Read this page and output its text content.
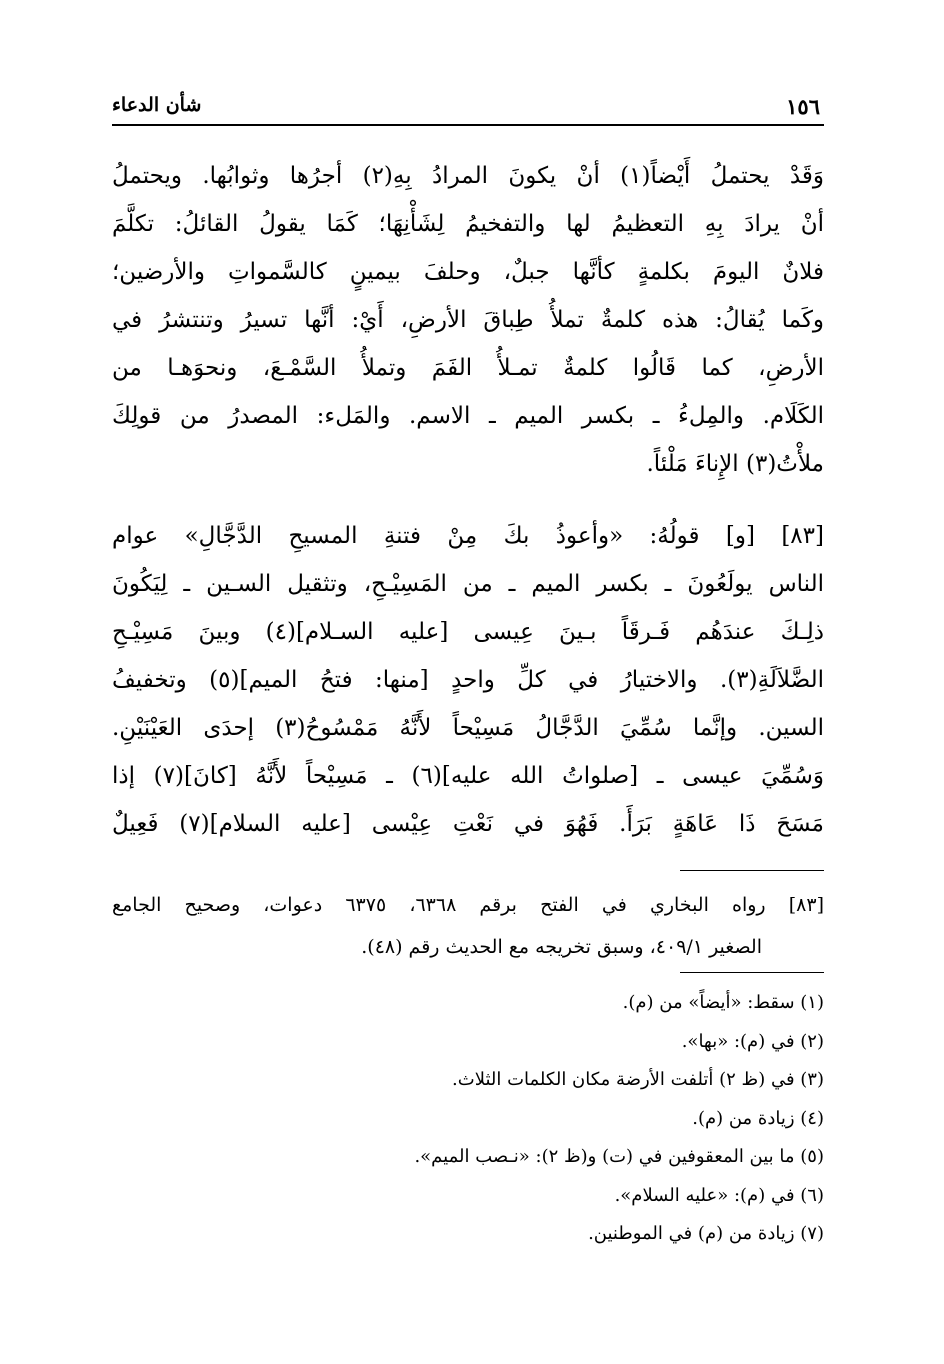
١٥٦
شأن الدعاء
وَقَدْ يحتملُ أَيْضاً(١) أنْ يكونَ المرادُ بِهِ(٢) أجرُها وثوابُها. ويحتملُ
أنْ يرادَ بِهِ التعظيمُ لها والتفخيمُ لِشَأْنِهَا؛ كَمَا يقولُ القائلُ: تكلَّمَ
فلانٌ اليومَ بكلمةٍ كأنَّها جبلٌ، وحلفَ بيمينٍ كالسَّمواتِ والأرضين؛
وكَما يُقالُ: هذه كلمةٌ تملأُ طِباقَ الأرضِ، أَيْ: أنَّها تسيرُ وتنتشرُ في
الأرضِ، كما قَالُوا كلمةٌ تمـلأُ الفَمَ وتملأُ السَّمْـعَ، ونحوَهـا من
الكَلَام. والمِلءُ ـ بكسر الميم ـ الاسم. والمَلء: المصدرُ من قولِكَ
ملأْتُ(٣) الإِناءَ مَلْئاً.
[٨٣] [و] قولُهُ: «وأعوذُ بكَ مِنْ فتنةِ المسيحِ الدَّجَّالِ» عوام
الناس يولَعُونَ ـ بكسر الميم ـ من المَسِيْـحِ، وتثقيل السـين ـ لِيَكُونَ
ذلِـكَ عندَهُم فَـرقَاً بـينَ عِيسى [عليه السـلام](٤) وبينَ مَسِيْـحِ
الضَّلاَلَةِ(٣). والاختيارُ في كلِّ واحدٍ [منها: فتحُ الميم](٥) وتخفيفُ
السين. وإنَّما سُمِّيَ الدَّجَّالُ مَسِيْحاً لأَنَّهُ مَمْسُوحُ(٣) إحدَى العَيْنَيْنِ.
وَسُمِّيَ عيسى ـ [صلواتُ الله عليه](٦) ـ مَسِيْحاً لأَنَّهُ [كانَ](٧) إذا
مَسَحَ ذَا عَاهَةٍ بَرَأَ. فَهُوَ في نَعْتِ عِيْسى [عليه السلام](٧) فَعِيلٌ
[٨٣] رواه البخاري في الفتح برقم ٦٣٦٨، ٦٣٧٥ دعوات، وصحيح الجامع
الصغير ٤٠٩/١، وسبق تخريجه مع الحديث رقم (٤٨).
(١) سقط: «أيضاً» من (م).
(٢) في (م): «بها».
(٣) في (ظ ٢) أتلفت الأرضة مكان الكلمات الثلاث.
(٤) زيادة من (م).
(٥) ما بين المعقوفين في (ت) و(ظ ٢): «نـصب الميم».
(٦) في (م): «عليه السلام».
(٧) زيادة من (م) في الموطنين.
